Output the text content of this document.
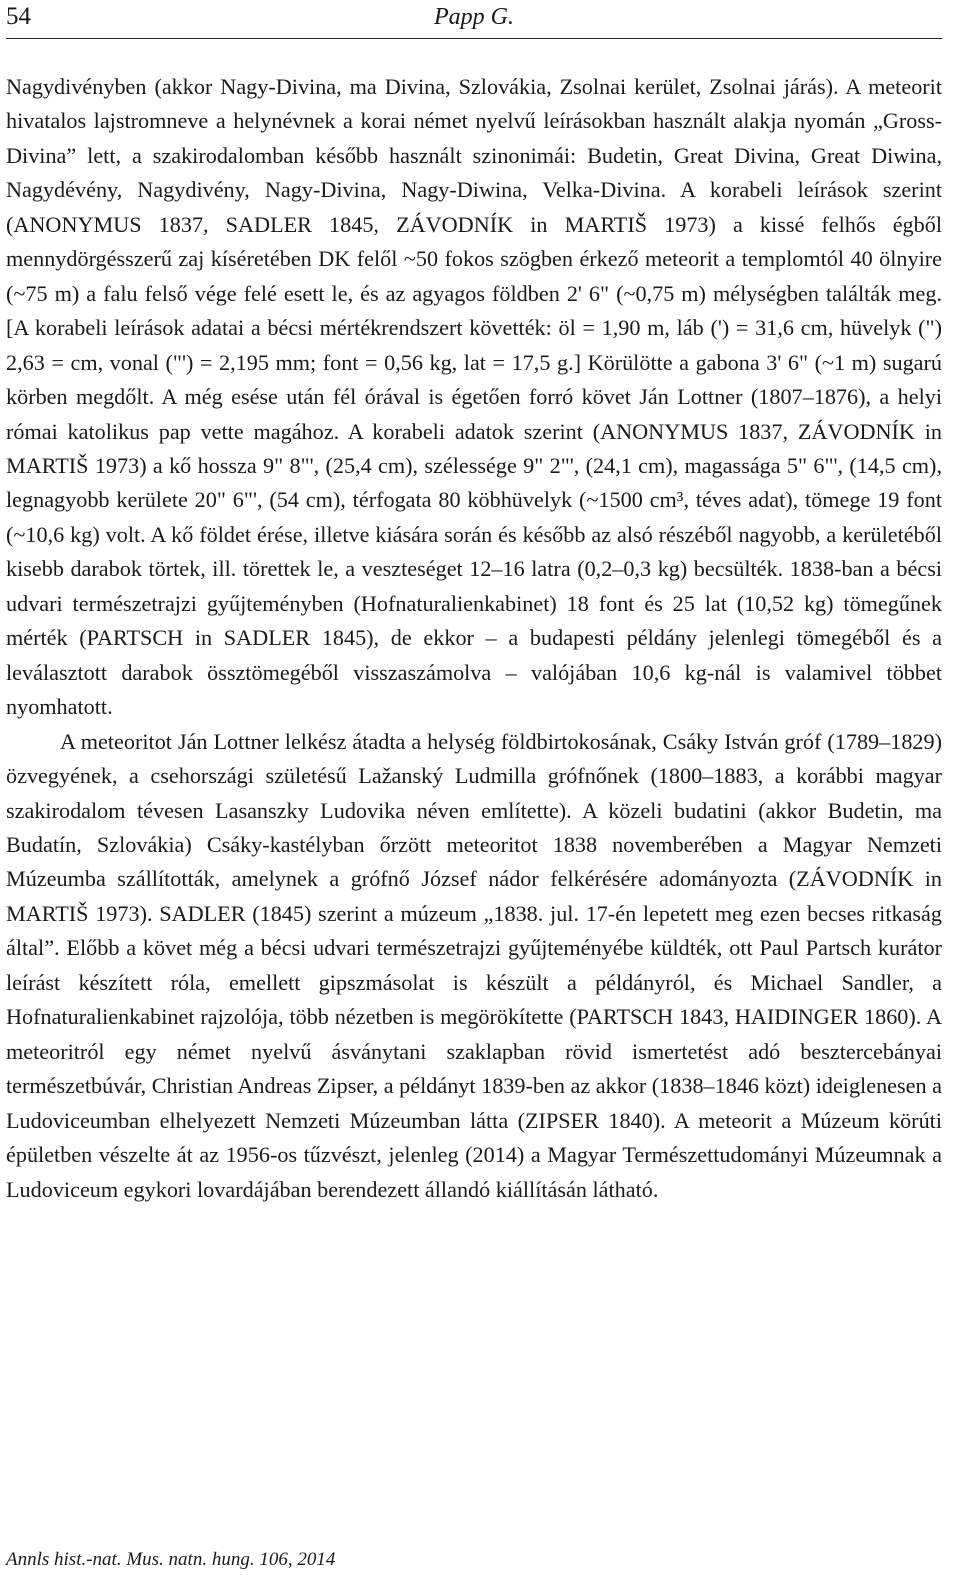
54	Papp G.

Nagydivényben (akkor Nagy-Divina, ma Divina, Szlovákia, Zsolnai kerület, Zsolnai járás). A meteorit hivatalos lajstromneve a helynévnek a korai német nyelvű leírásokban használt alakja nyomán „Gross-Divina” lett, a szakirodalomban később használt szinonimái: Budetin, Great Divina, Great Diwina, Nagydévény, Nagydivény, Nagy-Divina, Nagy-Diwina, Velka-Divina. A korabeli leírások szerint (ANONYMUS 1837, SADLER 1845, ZÁVODNÍK in MARTIŠ 1973) a kissé felhős égből mennydörgésszerű zaj kíséretében DK felől ~50 fokos szögben érkező meteorit a templomtól 40 ölnyire (~75 m) a falu felső vége felé esett le, és az agyagos földben 2' 6" (~0,75 m) mélységben találták meg. [A korabeli leírások adatai a bécsi mértékrendszert követték: öl = 1,90 m, láb (') = 31,6 cm, hüvelyk (") 2,63 = cm, vonal ("') = 2,195 mm; font = 0,56 kg, lat = 17,5 g.] Körülötte a gabona 3' 6" (~1 m) sugarú körben megdőlt. A még esése után fél órával is égetően forró követ Ján Lottner (1807–1876), a helyi római katolikus pap vette magához. A korabeli adatok szerint (ANONYMUS 1837, ZÁVODNÍK in MARTIŠ 1973) a kő hossza 9" 8"', (25,4 cm), szélessége 9" 2"', (24,1 cm), magassága 5" 6"', (14,5 cm), legnagyobb kerülete 20" 6"', (54 cm), térfogata 80 köbhüvelyk (~1500 cm³, téves adat), tömege 19 font (~10,6 kg) volt. A kő földet érése, illetve kiására során és később az alsó részéből nagyobb, a kerületéből kisebb darabok törtek, ill. törettek le, a veszteséget 12–16 latra (0,2–0,3 kg) becsülték. 1838-ban a bécsi udvari természetrajzi gyűjteményben (Hofnaturalienkabinet) 18 font és 25 lat (10,52 kg) tömegűnek mérték (PARTSCH in SADLER 1845), de ekkor – a budapesti példány jelenlegi tömegéből és a leválasztott darabok össztömegéből visszaszámolva – valójában 10,6 kg-nál is valamivel többet nyomhatott.

A meteoritot Ján Lottner lelkész átadta a helység földbirtokosának, Csáky István gróf (1789–1829) özvegyének, a csehországi születésű Lažanský Ludmilla grófnőnek (1800–1883, a korábbi magyar szakirodalom tévesen Lasanszky Ludovika néven említette). A közeli budatini (akkor Budetin, ma Budatín, Szlovákia) Csáky-kastélyban őrzött meteoritot 1838 novemberében a Magyar Nemzeti Múzeumba szállították, amelynek a grófnő József nádor felkérésére adományozta (ZÁVODNÍK in MARTIŠ 1973). SADLER (1845) szerint a múzeum „1838. jul. 17-én lepetett meg ezen becses ritkaság által”. Előbb a követ még a bécsi udvari természetrajzi gyűjteményébe küldték, ott Paul Partsch kurátor leírást készített róla, emellett gipszmásolat is készült a példányról, és Michael Sandler, a Hofnaturalienkabinet rajzolója, több nézetben is megörökítette (PARTSCH 1843, HAIDINGER 1860). A meteoritról egy német nyelvű ásványtani szaklapban rövid ismertetést adó besztercebányai természetbúvár, Christian Andreas Zipser, a példányt 1839-ben az akkor (1838–1846 közt) ideiglenesen a Ludoviceumban elhelyezett Nemzeti Múzeumban látta (ZIPSER 1840). A meteorit a Múzeum körúti épületben vészelte át az 1956-os tűzvészt, jelenleg (2014) a Magyar Természettudományi Múzeumnak a Ludoviceum egykori lovardájában berendezett állandó kiállításán látható.

Annls hist.-nat. Mus. natn. hung. 106, 2014
